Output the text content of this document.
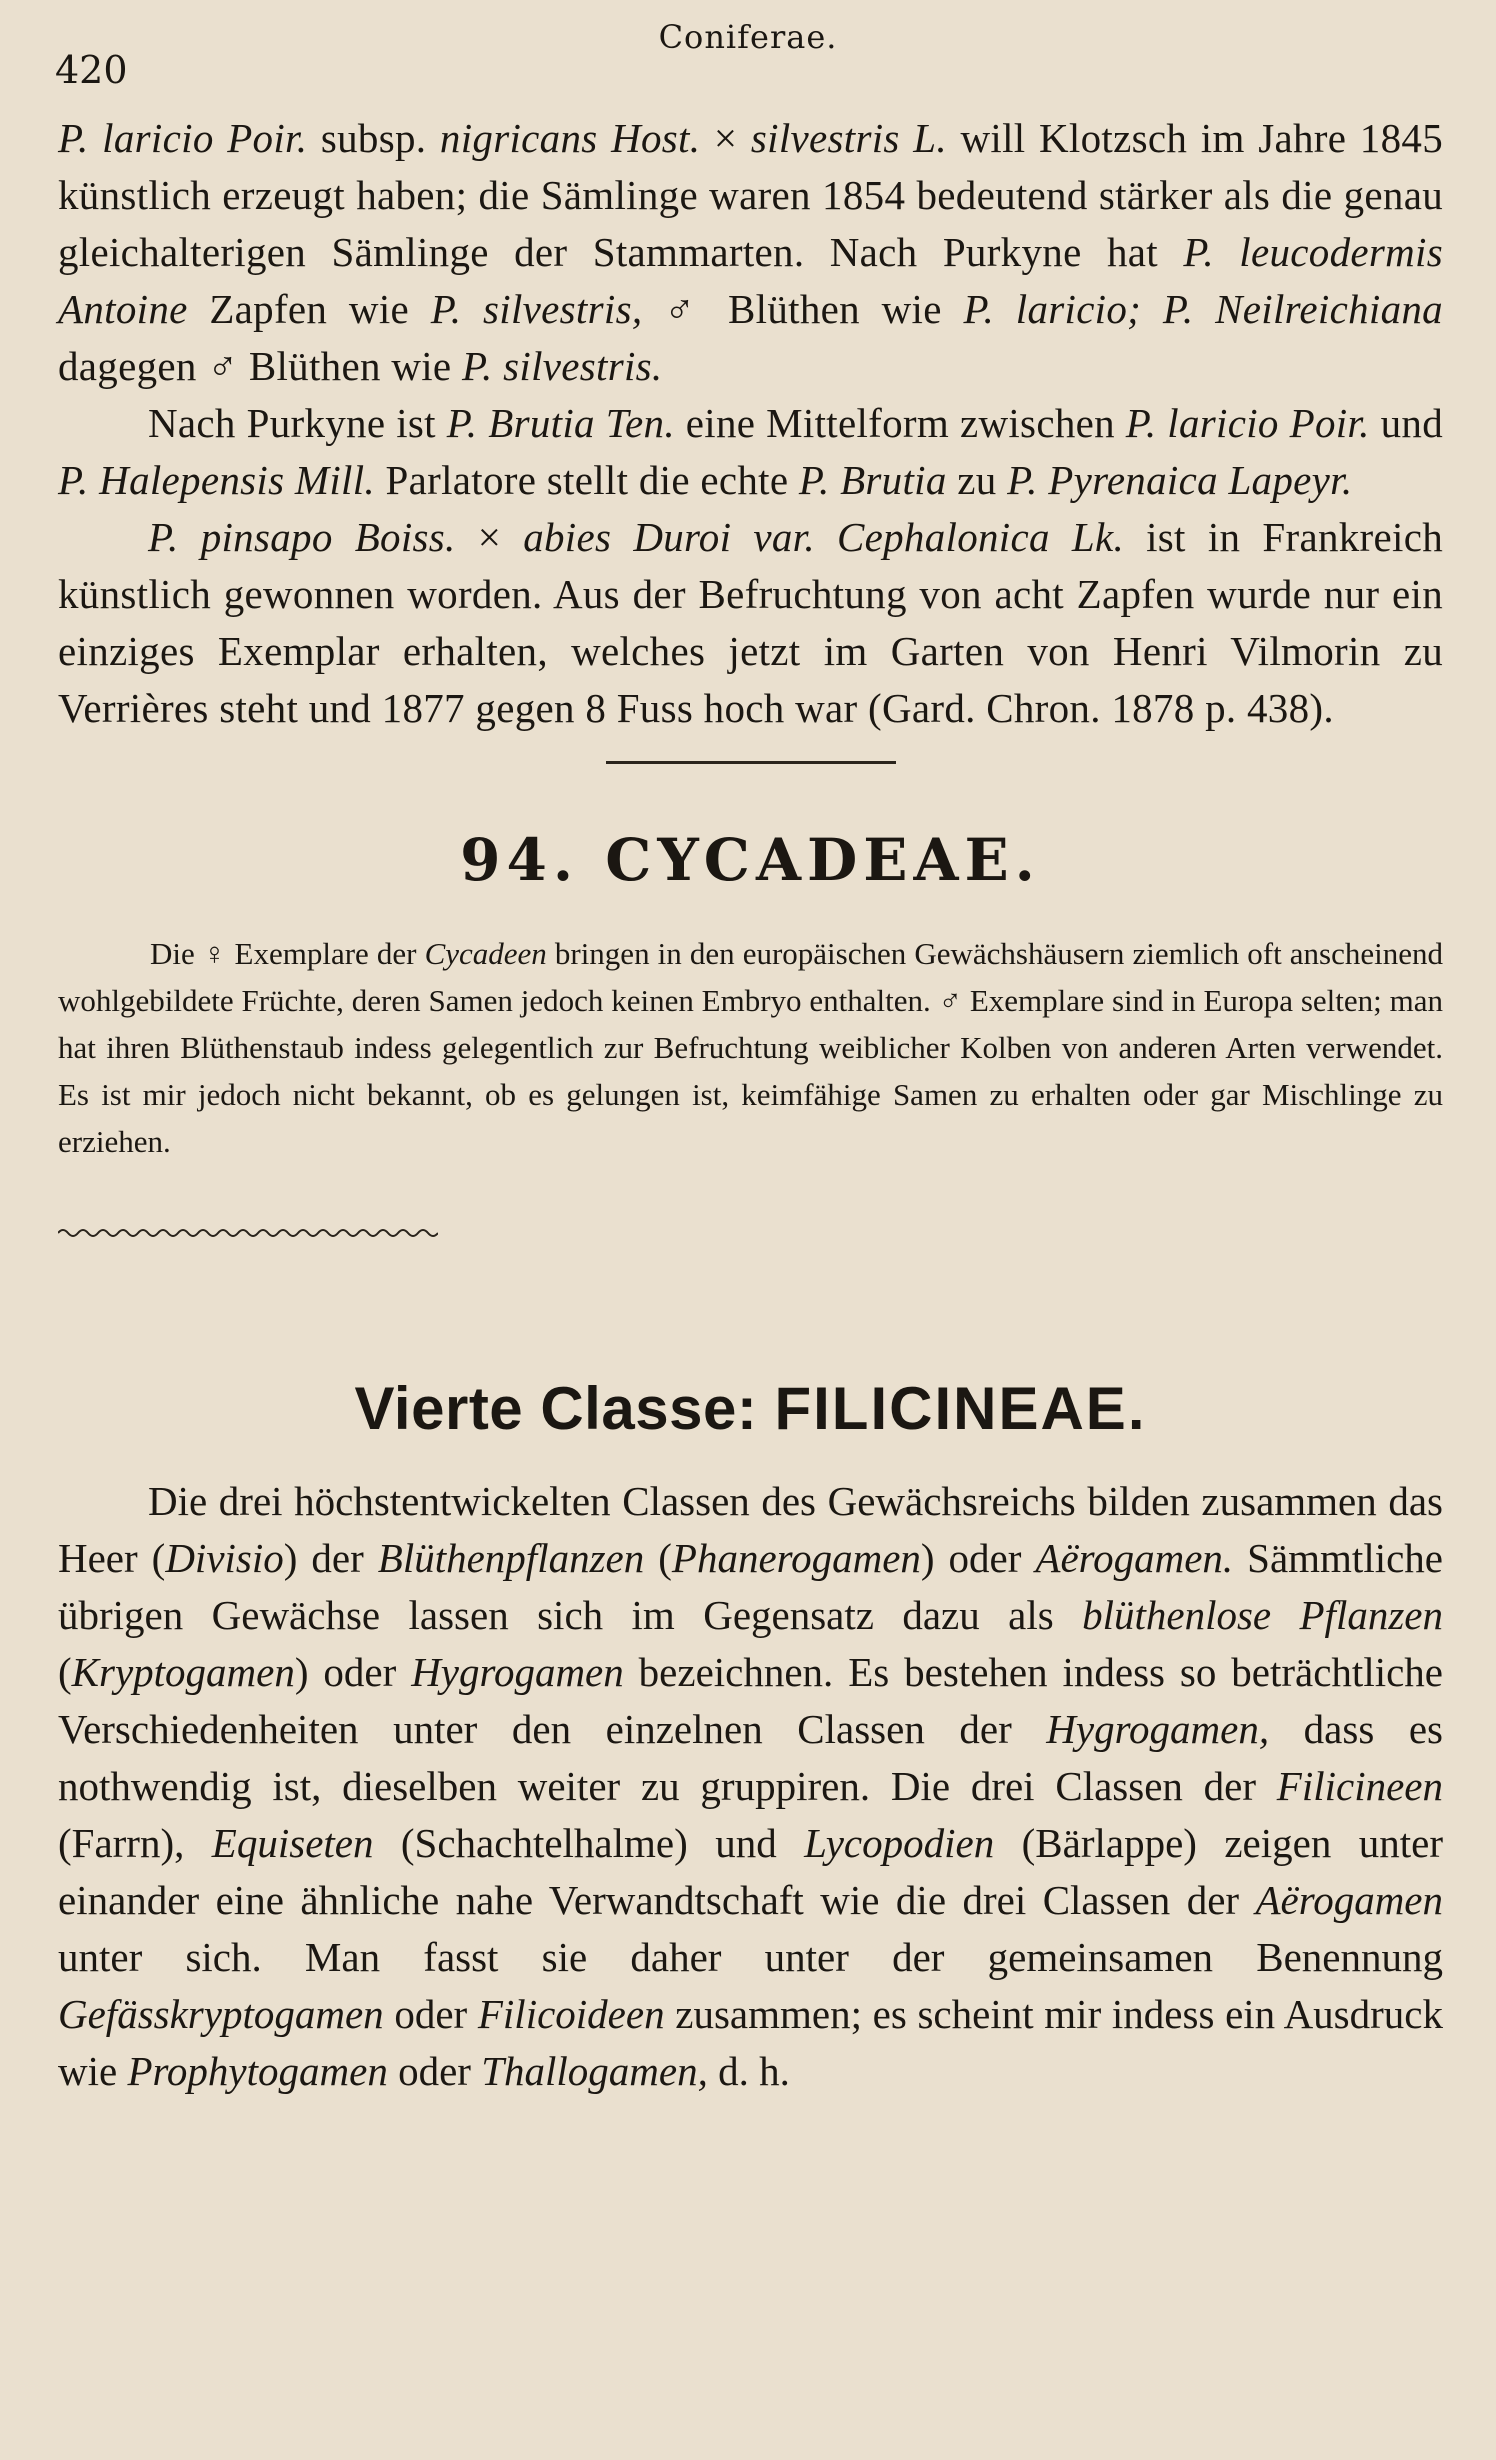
Coniferae.
420

P. laricio Poir. subsp. nigricans Host. × silvestris L. will Klotzsch im Jahre 1845 künstlich erzeugt haben; die Sämlinge waren 1854 bedeutend stärker als die genau gleichalterigen Sämlinge der Stammarten. Nach Purkyne hat P. leucodermis Antoine Zapfen wie P. silvestris, ♂ Blüthen wie P. laricio; P. Neilreichiana dagegen ♂ Blüthen wie P. silvestris.

Nach Purkyne ist P. Brutia Ten. eine Mittelform zwischen P. laricio Poir. und P. Halepensis Mill. Parlatore stellt die echte P. Brutia zu P. Pyrenaica Lapeyr.

P. pinsapo Boiss. × abies Duroi var. Cephalonica Lk. ist in Frankreich künstlich gewonnen worden. Aus der Befruchtung von acht Zapfen wurde nur ein einziges Exemplar erhalten, welches jetzt im Garten von Henri Vilmorin zu Verrières steht und 1877 gegen 8 Fuss hoch war (Gard. Chron. 1878 p. 438).

94. CYCADEAE.

Die ♀ Exemplare der Cycadeen bringen in den europäischen Gewächshäusern ziemlich oft anscheinend wohlgebildete Früchte, deren Samen jedoch keinen Embryo enthalten. ♂ Exemplare sind in Europa selten; man hat ihren Blüthenstaub indess gelegentlich zur Befruchtung weiblicher Kolben von anderen Arten verwendet. Es ist mir jedoch nicht bekannt, ob es gelungen ist, keimfähige Samen zu erhalten oder gar Mischlinge zu erziehen.

Vierte Classe: FILICINEAE.

Die drei höchstentwickelten Classen des Gewächsreichs bilden zusammen das Heer (Divisio) der Blüthenpflanzen (Phanerogamen) oder Aërogamen. Sämmtliche übrigen Gewächse lassen sich im Gegensatz dazu als blüthenlose Pflanzen (Kryptogamen) oder Hygrogamen bezeichnen. Es bestehen indess so beträchtliche Verschiedenheiten unter den einzelnen Classen der Hygrogamen, dass es nothwendig ist, dieselben weiter zu gruppiren. Die drei Classen der Filicineen (Farrn), Equiseten (Schachtelhalme) und Lycopodien (Bärlappe) zeigen unter einander eine ähnliche nahe Verwandtschaft wie die drei Classen der Aërogamen unter sich. Man fasst sie daher unter der gemeinsamen Benennung Gefässkryptogamen oder Filicoideen zusammen; es scheint mir indess ein Ausdruck wie Prophytogamen oder Thallogamen, d. h.
